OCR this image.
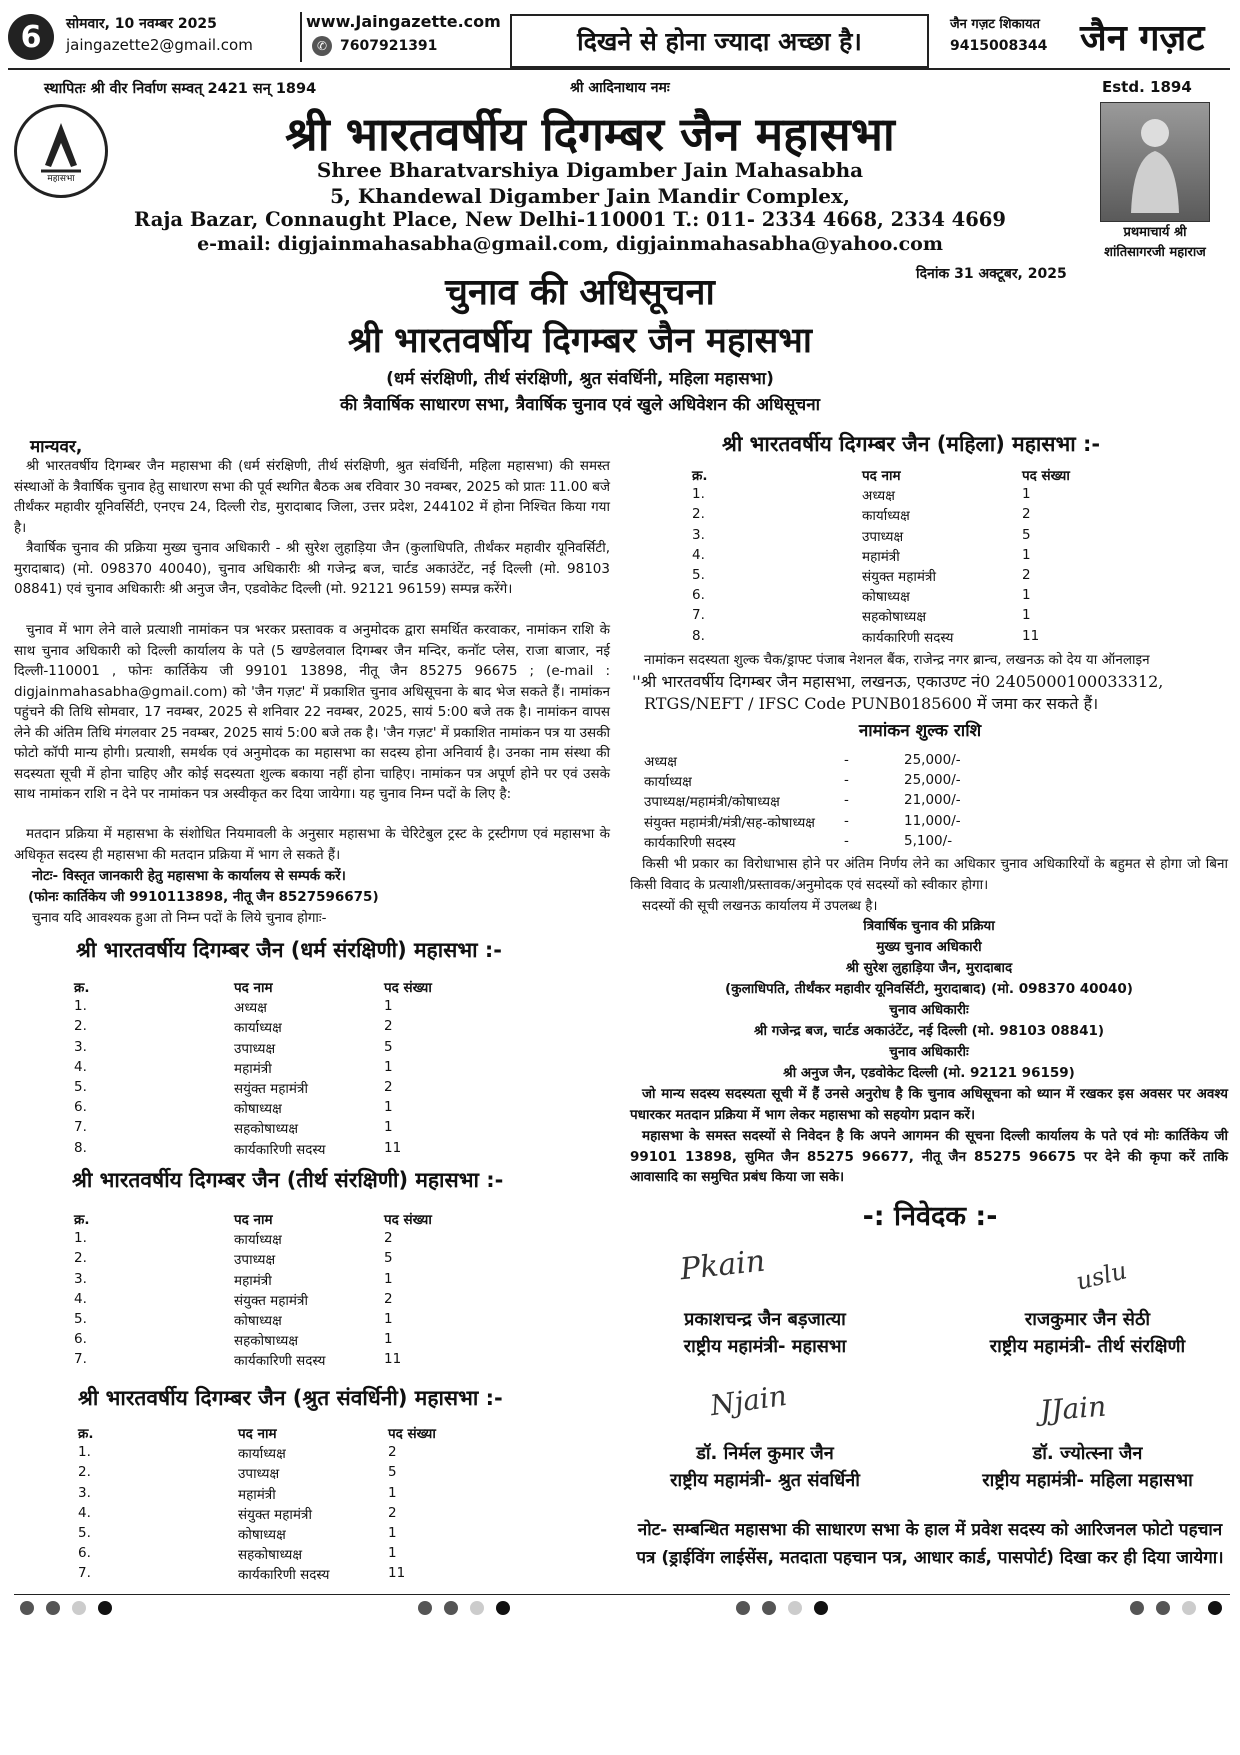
6	सोमवार, 10 नवम्बर 2025
jaingazette2@gmail.com
www.Jaingazette.com
✆ 7607921391	दिखने से होना ज्यादा अच्छा है।
जैन गज़ट शिकायत
9415008344 जैन गज़ट
स्थापितः श्री वीर निर्वाण सम्वत् 2421 सन् 1894	श्री आदिनाथाय नमः	Estd. 1894
महासभा
श्री भारतवर्षीय दिगम्बर जैन महासभा
Shree Bharatvarshiya Digamber Jain Mahasabha
5, Khandewal Digamber Jain Mandir Complex,
Raja Bazar, Connaught Place, New Delhi-110001 T.: 011- 2334 4668, 2334 4669
e-mail: digjainmahasabha@gmail.com, digjainmahasabha@yahoo.com
प्रथमाचार्य श्री
शांतिसागरजी महाराज
दिनांक 31 अक्टूबर, 2025
चुनाव की अधिसूचना
श्री भारतवर्षीय दिगम्बर जैन महासभा
(धर्म संरक्षिणी, तीर्थ संरक्षिणी, श्रुत संवर्धिनी, महिला महासभा)
की त्रैवार्षिक साधारण सभा, त्रैवार्षिक चुनाव एवं खुले अधिवेशन की अधिसूचना
मान्यवर,
श्री भारतवर्षीय दिगम्बर जैन महासभा की (धर्म संरक्षिणी, तीर्थ संरक्षिणी, श्रुत संवर्धिनी, महिला महासभा) की समस्त संस्थाओं के त्रैवार्षिक चुनाव हेतु साधारण सभा की पूर्व स्थगित बैठक अब रविवार 30 नवम्बर, 2025 को प्रातः 11.00 बजे तीर्थंकर महावीर यूनिवर्सिटी, एनएच 24, दिल्ली रोड, मुरादाबाद जिला, उत्तर प्रदेश, 244102 में होना निश्चित किया गया है।
त्रैवार्षिक चुनाव की प्रक्रिया मुख्य चुनाव अधिकारी - श्री सुरेश लुहाड़िया जैन (कुलाधिपति, तीर्थंकर महावीर यूनिवर्सिटी, मुरादाबाद) (मो. 098370 40040), चुनाव अधिकारीः श्री गजेन्द्र बज, चार्टड अकाउंटेंट, नई दिल्ली (मो. 98103 08841) एवं चुनाव अधिकारीः श्री अनुज जैन, एडवोकेट दिल्ली (मो. 92121 96159) सम्पन्न करेंगे।
चुनाव में भाग लेने वाले प्रत्याशी नामांकन पत्र भरकर प्रस्तावक व अनुमोदक द्वारा समर्थित करवाकर, नामांकन राशि के साथ चुनाव अधिकारी को दिल्ली कार्यालय के पते (5 खण्डेलवाल दिगम्बर जैन मन्दिर, कनॉट प्लेस, राजा बाजार, नई दिल्ली-110001 , फोनः कार्तिकेय जी 99101 13898, नीतू जैन 85275 96675 ; (e-mail : digjainmahasabha@gmail.com) को 'जैन गज़ट' में प्रकाशित चुनाव अधिसूचना के बाद भेज सकते हैं। नामांकन पहुंचने की तिथि सोमवार, 17 नवम्बर, 2025 से शनिवार 22 नवम्बर, 2025, सायं 5:00 बजे तक है। नामांकन वापस लेने की अंतिम तिथि मंगलवार 25 नवम्बर, 2025 सायं 5:00 बजे तक है। 'जैन गज़ट' में प्रकाशित नामांकन पत्र या उसकी फोटो कॉपी मान्य होगी। प्रत्याशी, समर्थक एवं अनुमोदक का महासभा का सदस्य होना अनिवार्य है। उनका नाम संस्था की सदस्यता सूची में होना चाहिए और कोई सदस्यता शुल्क बकाया नहीं होना चाहिए। नामांकन पत्र अपूर्ण होने पर एवं उसके साथ नामांकन राशि न देने पर नामांकन पत्र अस्वीकृत कर दिया जायेगा। यह चुनाव निम्न पदों के लिए है:
मतदान प्रक्रिया में महासभा के संशोधित नियमावली के अनुसार महासभा के चेरिटेबुल ट्रस्ट के ट्रस्टीगण एवं महासभा के अधिकृत सदस्य ही महासभा की मतदान प्रक्रिया में भाग ले सकते हैं।
नोटः- विस्तृत जानकारी हेतु महासभा के कार्यालय से सम्पर्क करें।
(फोनः कार्तिकेय जी 9910113898, नीतू जैन 8527596675)
चुनाव यदि आवश्यक हुआ तो निम्न पदों के लिये चुनाव होगाः-
श्री भारतवर्षीय दिगम्बर जैन (धर्म संरक्षिणी) महासभा :-
क्र.	पद नाम	पद संख्या
1.	अध्यक्ष	1
2.	कार्याध्यक्ष	2
3.	उपाध्यक्ष	5
4.	महामंत्री	1
5.	सयुंक्त महामंत्री	2
6.	कोषाध्यक्ष	1
7.	सहकोषाध्यक्ष	1
8.	कार्यकारिणी सदस्य	11
श्री भारतवर्षीय दिगम्बर जैन (तीर्थ संरक्षिणी) महासभा :-
क्र.	पद नाम	पद संख्या
1.	कार्याध्यक्ष	2
2.	उपाध्यक्ष	5
3.	महामंत्री	1
4.	संयुक्त महामंत्री	2
5.	कोषाध्यक्ष	1
6.	सहकोषाध्यक्ष	1
7.	कार्यकारिणी सदस्य	11
श्री भारतवर्षीय दिगम्बर जैन (श्रुत संवर्धिनी) महासभा :-
क्र.	पद नाम	पद संख्या
1.	कार्याध्यक्ष	2
2.	उपाध्यक्ष	5
3.	महामंत्री	1
4.	संयुक्त महामंत्री	2
5.	कोषाध्यक्ष	1
6.	सहकोषाध्यक्ष	1
7.	कार्यकारिणी सदस्य	11
श्री भारतवर्षीय दिगम्बर जैन (महिला) महासभा :-
क्र.	पद नाम	पद संख्या
1.	अध्यक्ष	1
2.	कार्याध्यक्ष	2
3.	उपाध्यक्ष	5
4.	महामंत्री	1
5.	संयुक्त महामंत्री	2
6.	कोषाध्यक्ष	1
7.	सहकोषाध्यक्ष	1
8.	कार्यकारिणी सदस्य	11
नामांकन सदस्यता शुल्क चैक/ड्राफ्ट पंजाब नेशनल बैंक, राजेन्द्र नगर ब्रान्च, लखनऊ को देय या ऑनलाइन
''श्री भारतवर्षीय दिगम्बर जैन महासभा, लखनऊ, एकाउण्ट नं0 2405000100033312,
RTGS/NEFT / IFSC Code PUNB0185600 में जमा कर सकते हैं।
नामांकन शुल्क राशि
अध्यक्ष	-	25,000/-
कार्याध्यक्ष	-	25,000/-
उपाध्यक्ष/महामंत्री/कोषाध्यक्ष	-	21,000/-
संयुक्त महामंत्री/मंत्री/सह-कोषाध्यक्ष -	11,000/-
कार्यकारिणी सदस्य	-	5,100/-
किसी भी प्रकार का विरोधाभास होने पर अंतिम निर्णय लेने का अधिकार चुनाव अधिकारियों के बहुमत से होगा जो बिना किसी विवाद के प्रत्याशी/प्रस्तावक/अनुमोदक एवं सदस्यों को स्वीकार होगा।
सदस्यों की सूची लखनऊ कार्यालय में उपलब्ध है।
त्रिवार्षिक चुनाव की प्रक्रिया
मुख्य चुनाव अधिकारी
श्री सुरेश लुहाड़िया जैन, मुरादाबाद
(कुलाधिपति, तीर्थंकर महावीर यूनिवर्सिटी, मुरादाबाद) (मो. 098370 40040)
चुनाव अधिकारीः
श्री गजेन्द्र बज, चार्टड अकाउंटेंट, नई दिल्ली (मो. 98103 08841)
चुनाव अधिकारीः
श्री अनुज जैन, एडवोकेट दिल्ली (मो. 92121 96159)
जो मान्य सदस्य सदस्यता सूची में हैं उनसे अनुरोध है कि चुनाव अधिसूचना को ध्यान में रखकर इस अवसर पर अवश्य पधारकर मतदान प्रक्रिया में भाग लेकर महासभा को सहयोग प्रदान करें।
महासभा के समस्त सदस्यों से निवेदन है कि अपने आगमन की सूचना दिल्ली कार्यालय के पते एवं मोः कार्तिकेय जी 99101 13898, सुमित जैन 85275 96677, नीतू जैन 85275 96675 पर देने की कृपा करें ताकि आवासादि का समुचित प्रबंध किया जा सके।
-: निवेदक :-
Pkain
प्रकाशचन्द्र जैन बड़जात्या
राष्ट्रीय महामंत्री- महासभा
uslu
राजकुमार जैन सेठी
राष्ट्रीय महामंत्री- तीर्थ संरक्षिणी
Njain
डॉ. निर्मल कुमार जैन
राष्ट्रीय महामंत्री- श्रुत संवर्धिनी
JJain
डॉ. ज्योत्स्ना जैन
राष्ट्रीय महामंत्री- महिला महासभा
नोट- सम्बन्धित महासभा की साधारण सभा के हाल में प्रवेश सदस्य को आरिजनल फोटो पहचान पत्र (ड्राईविंग लाईसेंस, मतदाता पहचान पत्र, आधार कार्ड, पासपोर्ट) दिखा कर ही दिया जायेगा।
